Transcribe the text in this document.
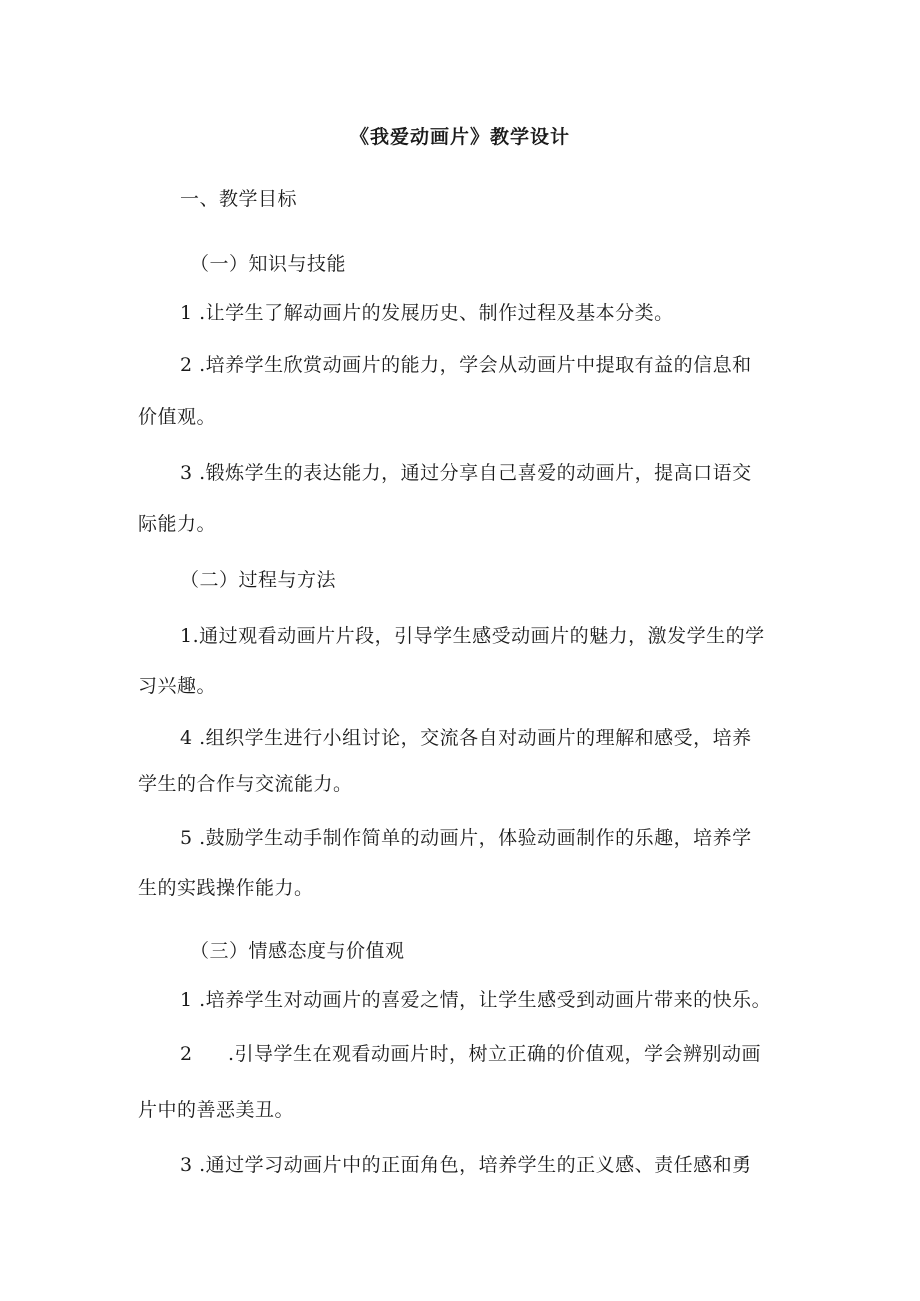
《我爱动画片》教学设计
一、教学目标
（一）知识与技能
1 .让学生了解动画片的发展历史、制作过程及基本分类。
2 .培养学生欣赏动画片的能力，学会从动画片中提取有益的信息和
价值观。
3 .锻炼学生的表达能力，通过分享自己喜爱的动画片，提高口语交
际能力。
（二）过程与方法
1.通过观看动画片片段，引导学生感受动画片的魅力，激发学生的学
习兴趣。
4 .组织学生进行小组讨论，交流各自对动画片的理解和感受，培养
学生的合作与交流能力。
5 .鼓励学生动手制作简单的动画片，体验动画制作的乐趣，培养学
生的实践操作能力。
（三）情感态度与价值观
1 .培养学生对动画片的喜爱之情，让学生感受到动画片带来的快乐。
2 .引导学生在观看动画片时，树立正确的价值观，学会辨别动画
片中的善恶美丑。
3 .通过学习动画片中的正面角色，培养学生的正义感、责任感和勇
